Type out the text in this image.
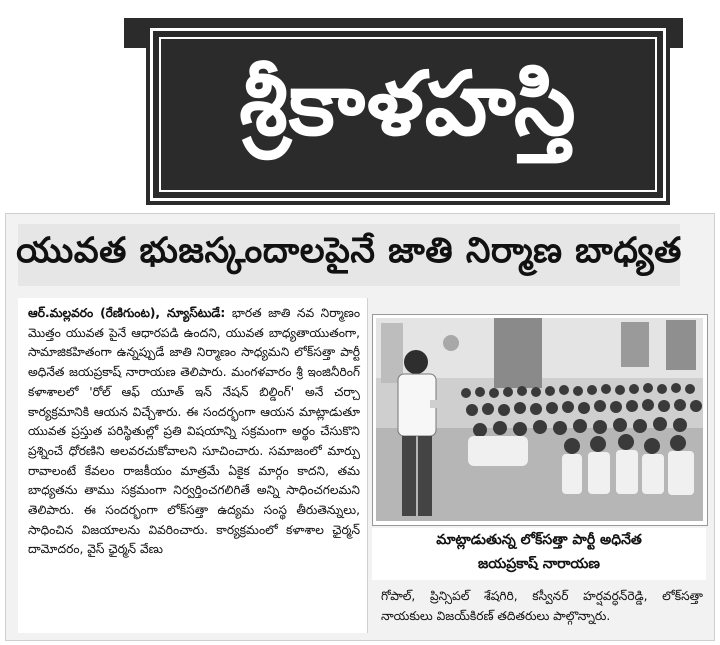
శ్రీకాళహస్తి
యువత భుజస్కందాలపైనే జాతి నిర్మాణ బాధ్యత
ఆర్.మల్లవరం (రేణిగుంట), న్యూస్‌టుడే: భారత జాతి నవ నిర్మాణం మొత్తం యువత పైనే ఆధారపడి ఉందని, యువత బాధ్యతాయుతంగా, సామాజికహితంగా ఉన్నప్పుడే జాతి నిర్మాణం సాధ్యమని లోక్‌సత్తా పార్టీ అధినేత జయప్రకాష్ నారాయణ తెలిపారు. మంగళవారం శ్రీ ఇంజినీరింగ్ కళాశాలలో 'రోల్ ఆఫ్ యూత్ ఇన్ నేషన్ బిల్డింగ్' అనే చర్చా కార్యక్రమానికి ఆయన విచ్చేశారు. ఈ సందర్భంగా ఆయన మాట్లాడుతూ యువత ప్రస్తుత పరిస్థితుల్లో ప్రతి విషయాన్ని సక్రమంగా అర్థం చేసుకొని ప్రశ్నించే ధోరణిని అలవరచుకోవాలని సూచించారు. సమాజంలో మార్పు రావాలంటే కేవలం రాజకీయం మాత్రమే ఏకైక మార్గం కాదని, తమ బాధ్యతను తాము సక్రమంగా నిర్వర్తించగలిగితే అన్ని సాధించగలమని తెలిపారు. ఈ సందర్భంగా లోక్‌సత్తా ఉద్యమ సంస్థ తీరుతెన్నులు, సాధించిన విజయాలను వివరించారు. కార్యక్రమంలో కళాశాల ఛైర్మన్ దామోదరం, వైస్ ఛైర్మన్ వేణు
మాట్లాడుతున్న లోక్‌సత్తా పార్టీ అధినేత
జయప్రకాష్ నారాయణ
గోపాల్, ప్రిన్సిపల్ శేషగిరి, కస్వీనర్ హర్షవర్ధన్‌రెడ్డి, లోక్‌సత్తా నాయకులు విజయ్‌కిరణ్ తదితరులు పాల్గొన్నారు.
